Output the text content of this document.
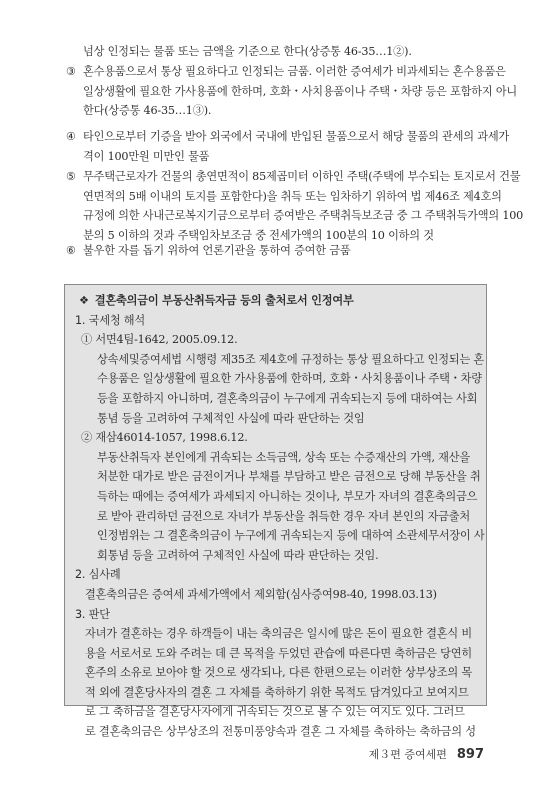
넘상 인정되는 물품 또는 금액을 기준으로 한다(상증통 46-35…1②).
③ 혼수용품으로서 통상 필요하다고 인정되는 금품. 이러한 증여세가 비과세되는 혼수용품은
일상생활에 필요한 가사용품에 한하며, 호화・사치용품이나 주택・차량 등은 포함하지 아니
한다(상증통 46-35…1③).
④ 타인으로부터 기증을 받아 외국에서 국내에 반입된 물품으로서 해당 물품의 관세의 과세가
격이 100만원 미만인 물품
⑤ 무주택근로자가 건물의 총연면적이 85제곱미터 이하인 주택(주택에 부수되는 토지로서 건물
연면적의 5배 이내의 토지를 포함한다)을 취득 또는 임차하기 위하여 법 제46조 제4호의
규정에 의한 사내근로복지기금으로부터 증여받은 주택취득보조금 중 그 주택취득가액의 100
분의 5 이하의 것과 주택임차보조금 중 전세가액의 100분의 10 이하의 것
⑥ 불우한 자를 돕기 위하여 언론기관을 통하여 증여한 금품
❖ 결혼축의금이 부동산취득자금 등의 출처로서 인정여부
1. 국세청 해석
① 서면4팀-1642, 2005.09.12.
상속세및증여세법 시행령 제35조 제4호에 규정하는 통상 필요하다고 인정되는 혼
수용품은 일상생활에 필요한 가사용품에 한하며, 호화・사치용품이나 주택・차량
등을 포함하지 아니하며, 결혼축의금이 누구에게 귀속되는지 등에 대하여는 사회
통념 등을 고려하여 구체적인 사실에 따라 판단하는 것임
② 재삼46014-1057, 1998.6.12.
부동산취득자 본인에게 귀속되는 소득금액, 상속 또는 수증재산의 가액, 재산을
처분한 대가로 받은 금전이거나 부채를 부담하고 받은 금전으로 당해 부동산을 취
득하는 때에는 증여세가 과세되지 아니하는 것이나, 부모가 자녀의 결혼축의금으
로 받아 관리하던 금전으로 자녀가 부동산을 취득한 경우 자녀 본인의 자금출처
인정범위는 그 결혼축의금이 누구에게 귀속되는지 등에 대하여 소관세무서장이 사
회통념 등을 고려하여 구체적인 사실에 따라 판단하는 것임.
2. 심사례
결혼축의금은 증여세 과세가액에서 제외함(심사증여98-40, 1998.03.13)
3. 판단
자녀가 결혼하는 경우 하객들이 내는 축의금은 일시에 많은 돈이 필요한 결혼식 비
용을 서로서로 도와 주려는 데 큰 목적을 두었던 관습에 따른다면 축하금은 당연히
혼주의 소유로 보아야 할 것으로 생각되나, 다른 한편으로는 이러한 상부상조의 목
적 외에 결혼당사자의 결혼 그 자체를 축하하기 위한 목적도 담겨있다고 보여지므
로 그 축하금을 결혼당사자에게 귀속되는 것으로 볼 수 있는 여지도 있다. 그러므
로 결혼축의금은 상부상조의 전통미풍양속과 결혼 그 자체를 축하하는 축하금의 성
제３편 증여세편 897
